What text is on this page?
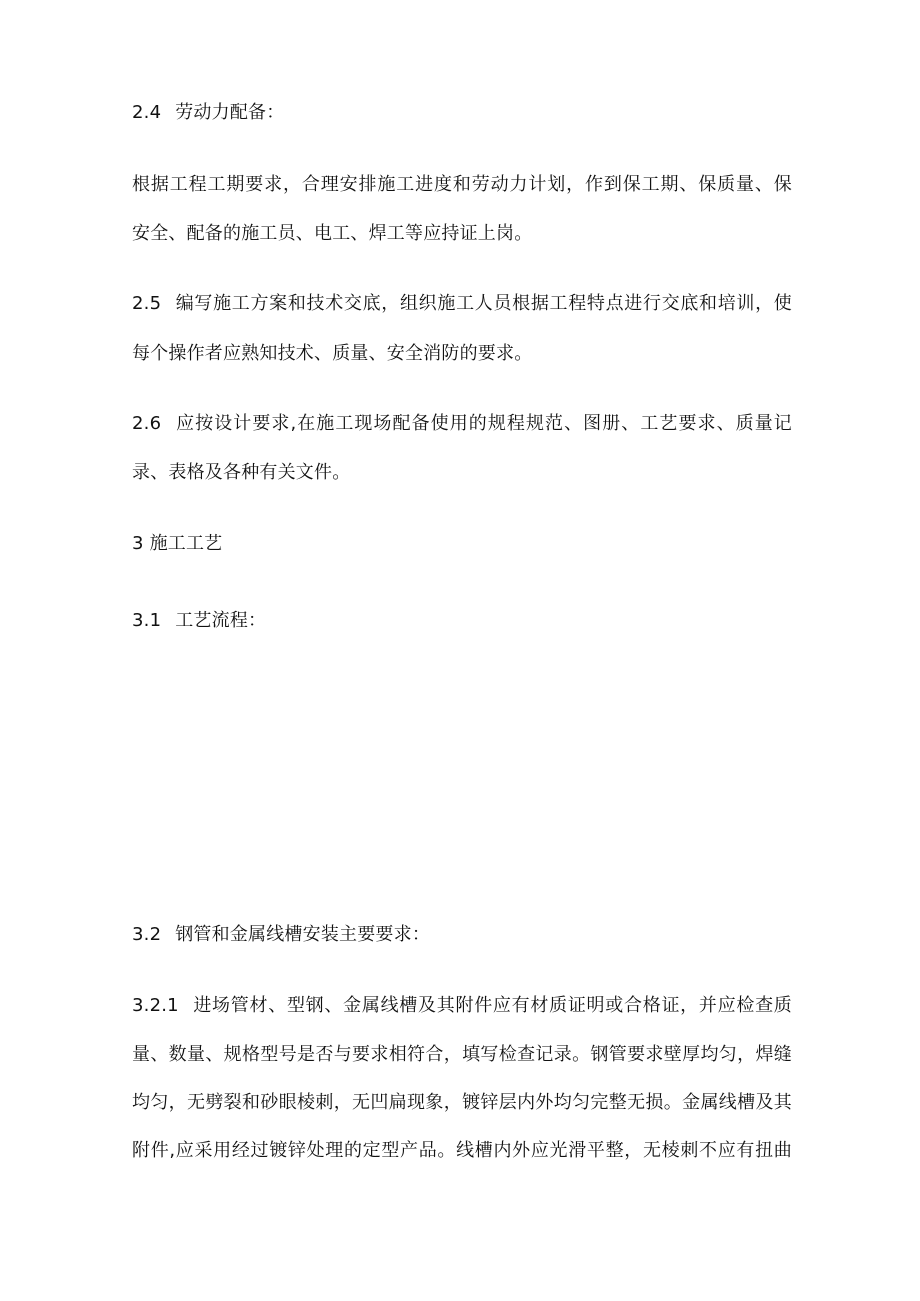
2.4 劳动力配备：
根据工程工期要求，合理安排施工进度和劳动力计划，作到保工期、保质量、保
安全、配备的施工员、电工、焊工等应持证上岗。
2.5 编写施工方案和技术交底，组织施工人员根据工程特点进行交底和培训，使
每个操作者应熟知技术、质量、安全消防的要求。
2.6 应按设计要求,在施工现场配备使用的规程规范、图册、工艺要求、质量记
录、表格及各种有关文件。
3 施工工艺
3.1 工艺流程：
3.2 钢管和金属线槽安装主要要求：
3.2.1 进场管材、型钢、金属线槽及其附件应有材质证明或合格证，并应检查质
量、数量、规格型号是否与要求相符合，填写检查记录。钢管要求壁厚均匀，焊缝
均匀，无劈裂和砂眼棱刺，无凹扁现象，镀锌层内外均匀完整无损。金属线槽及其
附件,应采用经过镀锌处理的定型产品。线槽内外应光滑平整，无棱刺不应有扭曲
